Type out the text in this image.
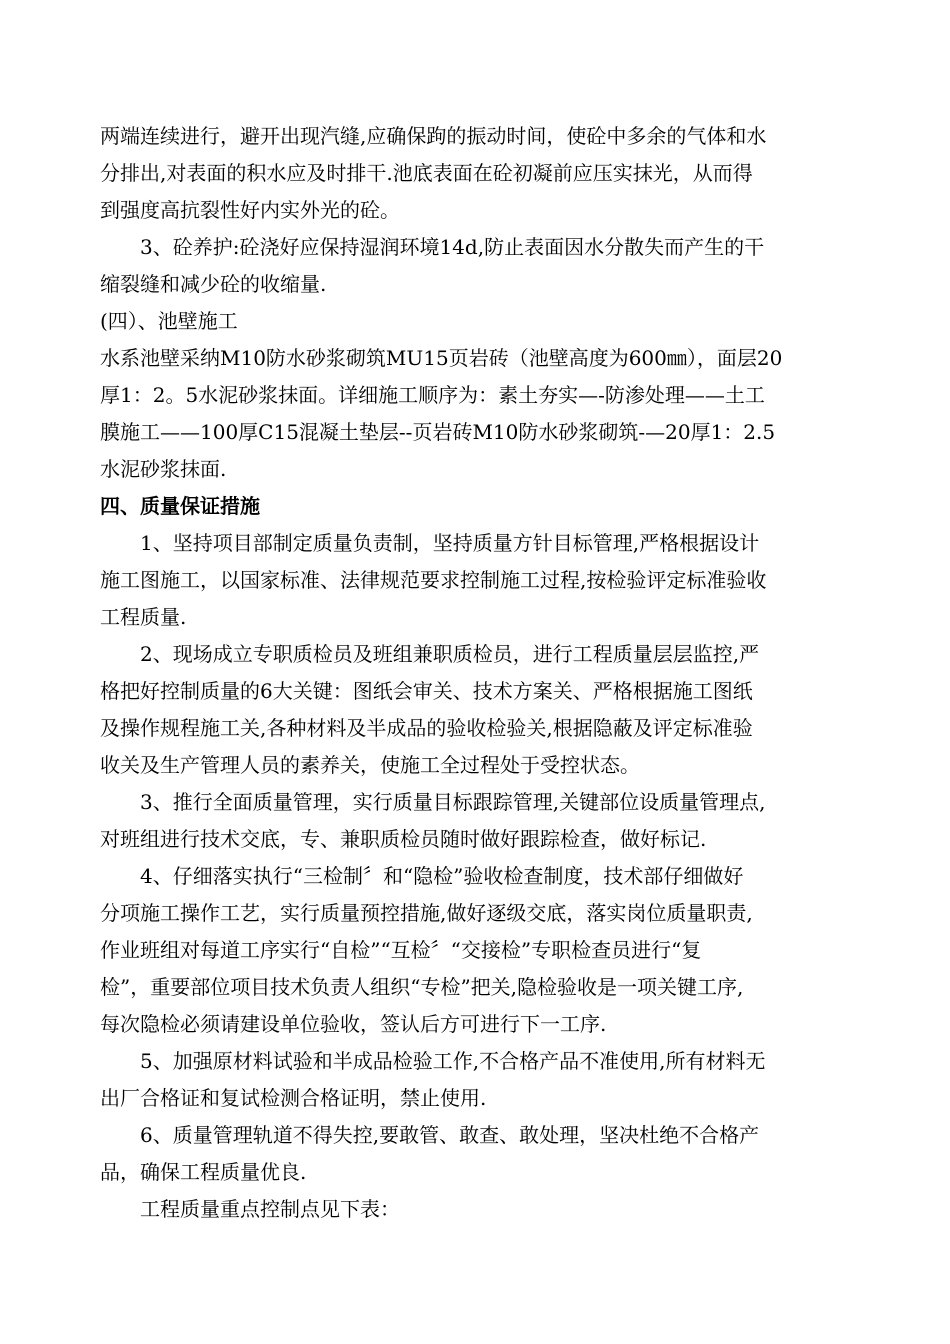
两端连续进行，避开出现汽缝,应确保跔的振动时间，使砼中多余的气体和水
分排出,对表面的积水应及时排干.池底表面在砼初凝前应压实抹光，从而得
到强度高抗裂性好内实外光的砼。
3、砼养护:砼浇好应保持湿润环境14d,防止表面因水分散失而产生的干
缩裂缝和减少砼的收缩量.
(四）、池壁施工
水系池壁采纳M10防水砂浆砌筑MU15页岩砖（池壁高度为600㎜），面层20
厚1：2。5水泥砂浆抹面。详细施工顺序为：素土夯实—-防渗处理——土工
膜施工——100厚C15混凝土垫层--页岩砖M10防水砂浆砌筑-—20厚1：2.5
水泥砂浆抹面.
四、质量保证措施
1、坚持项目部制定质量负责制，坚持质量方针目标管理,严格根据设计
施工图施工，以国家标准、法律规范要求控制施工过程,按检验评定标准验收
工程质量.
2、现场成立专职质检员及班组兼职质检员，进行工程质量层层监控,严
格把好控制质量的6大关键：图纸会审关、技术方案关、严格根据施工图纸
及操作规程施工关,各种材料及半成品的验收检验关,根据隐蔽及评定标准验
收关及生产管理人员的素养关，使施工全过程处于受控状态。
3、推行全面质量管理，实行质量目标跟踪管理,关键部位设质量管理点,
对班组进行技术交底，专、兼职质检员随时做好跟踪检查，做好标记.
4、仔细落实执行“三检制〞和“隐检”验收检查制度，技术部仔细做好
分项施工操作工艺，实行质量预控措施,做好逐级交底，落实岗位质量职责,
作业班组对每道工序实行“自检”“互检〞“交接检”专职检查员进行“复
检”，重要部位项目技术负责人组织“专检”把关,隐检验收是一项关键工序,
每次隐检必须请建设单位验收，签认后方可进行下一工序.
5、加强原材料试验和半成品检验工作,不合格产品不准使用,所有材料无
出厂合格证和复试检测合格证明，禁止使用.
6、质量管理轨道不得失控,要敢管、敢查、敢处理，坚决杜绝不合格产
品，确保工程质量优良.
工程质量重点控制点见下表：
